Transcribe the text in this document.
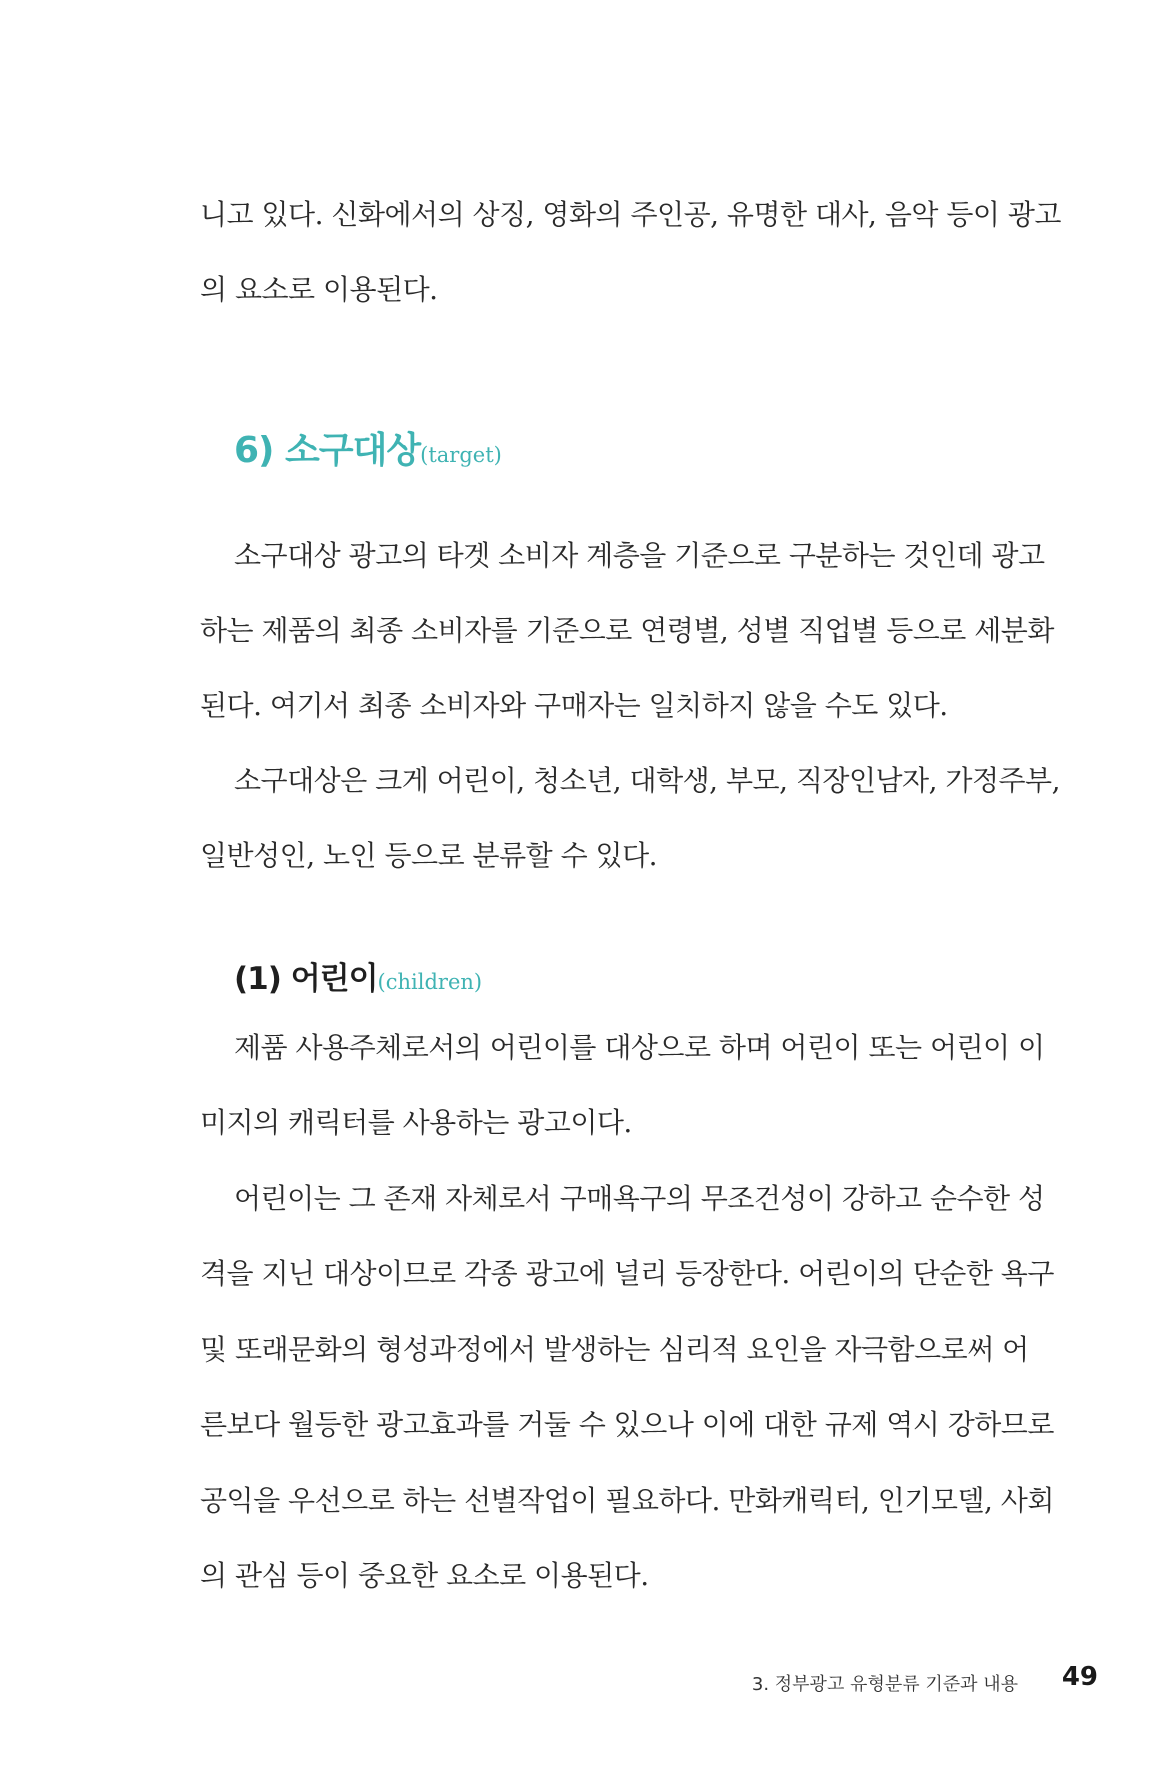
니고 있다. 신화에서의 상징, 영화의 주인공, 유명한 대사, 음악 등이 광고
의 요소로 이용된다.
6) 소구대상(target)
소구대상 광고의 타겟 소비자 계층을 기준으로 구분하는 것인데 광고
하는 제품의 최종 소비자를 기준으로 연령별, 성별 직업별 등으로 세분화
된다. 여기서 최종 소비자와 구매자는 일치하지 않을 수도 있다.
소구대상은 크게 어린이, 청소년, 대학생, 부모, 직장인남자, 가정주부,
일반성인, 노인 등으로 분류할 수 있다.
(1) 어린이(children)
제품 사용주체로서의 어린이를 대상으로 하며 어린이 또는 어린이 이
미지의 캐릭터를 사용하는 광고이다.
어린이는 그 존재 자체로서 구매욕구의 무조건성이 강하고 순수한 성
격을 지닌 대상이므로 각종 광고에 널리 등장한다. 어린이의 단순한 욕구
및 또래문화의 형성과정에서 발생하는 심리적 요인을 자극함으로써 어
른보다 월등한 광고효과를 거둘 수 있으나 이에 대한 규제 역시 강하므로
공익을 우선으로 하는 선별작업이 필요하다. 만화캐릭터, 인기모델, 사회
의 관심 등이 중요한 요소로 이용된다.
3. 정부광고 유형분류 기준과 내용 49
